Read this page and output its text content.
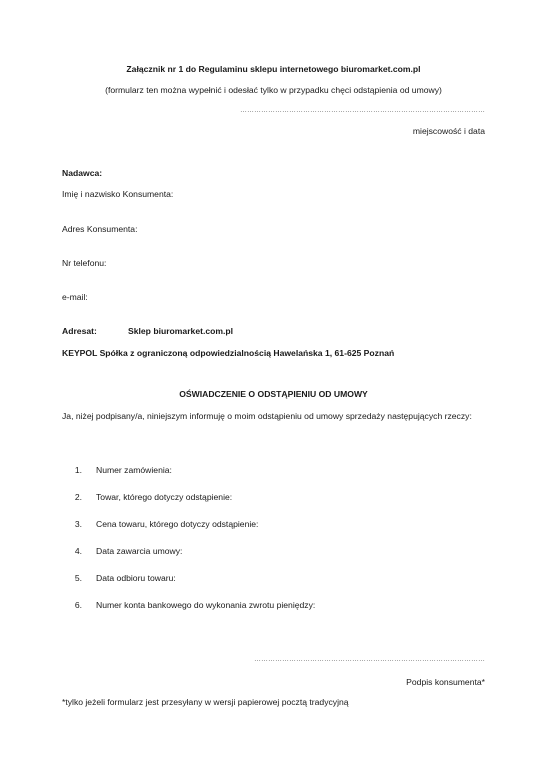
Załącznik nr 1 do Regulaminu sklepu internetowego biuromarket.com.pl
(formularz ten można wypełnić i odesłać tylko w przypadku chęci odstąpienia od umowy)
……………………………………………………………………………………………
miejscowość i data
Nadawca:
Imię i nazwisko Konsumenta:
Adres Konsumenta:
Nr telefonu:
e-mail:
Adresat:	Sklep biuromarket.com.pl
KEYPOL Spółka z ograniczoną odpowiedzialnością Hawelańska 1, 61-625 Poznań
OŚWIADCZENIE O ODSTĄPIENIU OD UMOWY
Ja, niżej podpisany/a, niniejszym informuję o moim odstąpieniu od umowy sprzedaży następujących rzeczy:
1. Numer zamówienia:
2. Towar, którego dotyczy odstąpienie:
3. Cena towaru, którego dotyczy odstąpienie:
4. Data zawarcia umowy:
5. Data odbioru towaru:
6. Numer konta bankowego do wykonania zwrotu pieniędzy:
………………………………………………………………………………………
Podpis konsumenta*
*tylko jeżeli formularz jest przesyłany w wersji papierowej pocztą tradycyjną
